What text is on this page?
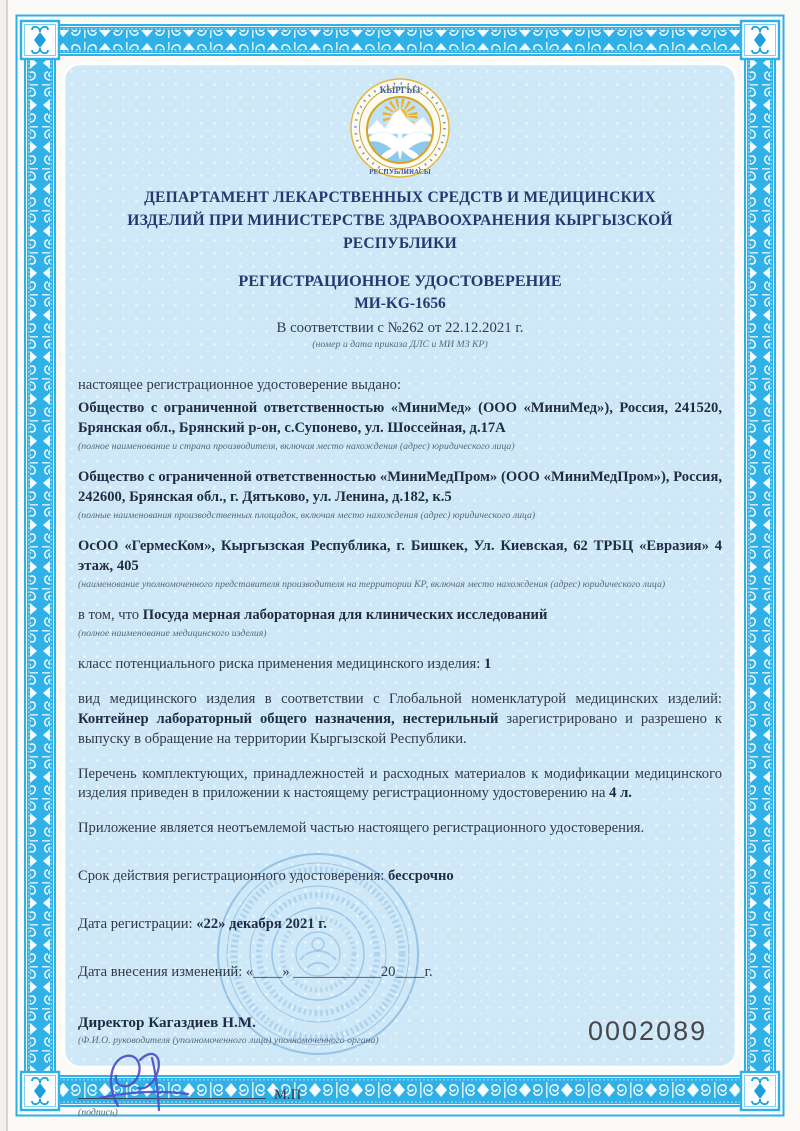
КЫРГЫЗ
РЕСПУБЛИКАСЫ
ДЕПАРТАМЕНТ ЛЕКАРСТВЕННЫХ СРЕДСТВ И МЕДИЦИНСКИХ ИЗДЕЛИЙ ПРИ МИНИСТЕРСТВЕ ЗДРАВООХРАНЕНИЯ КЫРГЫЗСКОЙ РЕСПУБЛИКИ
РЕГИСТРАЦИОННОЕ УДОСТОВЕРЕНИЕ
МИ-KG-1656
В соответствии с №262 от 22.12.2021 г.
(номер и дата приказа ДЛС и МИ МЗ КР)

настоящее регистрационное удостоверение выдано:

Общество с ограниченной ответственностью «МиниМед» (ООО «МиниМед»), Россия, 241520, Брянская обл., Брянский р-он, с.Супонево, ул. Шоссейная, д.17А

(полное наименование и страна производителя, включая место нахождения (адрес) юридического лица)

Общество с ограниченной ответственностью «МиниМедПром» (ООО «МиниМедПром»), Россия, 242600, Брянская обл., г. Дятьково, ул. Ленина, д.182, к.5

(полные наименования производственных площадок, включая место нахождения (адрес) юридического лица)

ОсОО «ГермесКом», Кыргызская Республика, г. Бишкек, Ул. Киевская, 62 ТРБЦ «Евразия» 4 этаж, 405

(наименование уполномоченного представителя производителя на территории КР, включая место нахождения (адрес) юридического лица)

в том, что Посуда мерная лабораторная для клинических исследований

(полное наименование медицинского изделия)

класс потенциального риска применения медицинского изделия: 1

вид медицинского изделия в соответствии с Глобальной номенклатурой медицинских изделий: Контейнер лабораторный общего назначения, нестерильный зарегистрировано и разрешено к выпуску в обращение на территории Кыргызской Республики.

Перечень комплектующих, принадлежностей и расходных материалов к модификации медицинского изделия приведен в приложении к настоящему регистрационному удостоверению на 4 л.

Приложение является неотъемлемой частью настоящего регистрационного удостоверения.

Срок действия регистрационного удостоверения: бессрочно

Дата регистрации: «22» декабря 2021 г.

Дата внесения изменений: «____» ____________20____г.

Директор Кагаздиев Н.М.
(Ф.И.О. руководителя (уполномоченного лица) уполномоченного органа)
М.П
(подпись)
0002089
